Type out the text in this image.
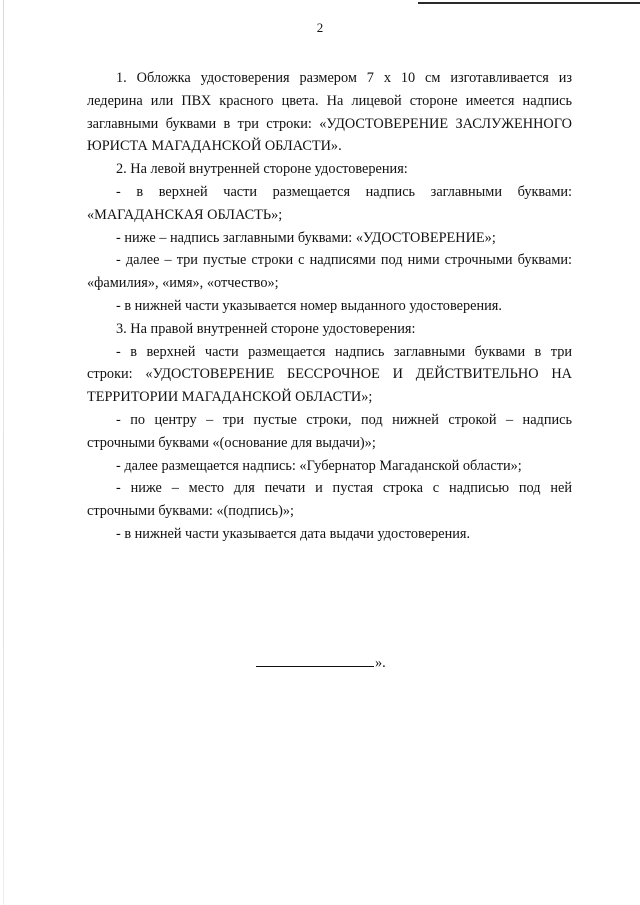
2
1. Обложка удостоверения размером 7 x 10 см изготавливается из
ледерина или ПВХ красного цвета. На лицевой стороне имеется надпись
заглавными буквами в три строки: «УДОСТОВЕРЕНИЕ ЗАСЛУЖЕННОГО
ЮРИСТА МАГАДАНСКОЙ ОБЛАСТИ».
2. На левой внутренней стороне удостоверения:
- в верхней части размещается надпись заглавными буквами:
«МАГАДАНСКАЯ ОБЛАСТЬ»;
- ниже – надпись заглавными буквами: «УДОСТОВЕРЕНИЕ»;
- далее – три пустые строки с надписями под ними строчными буквами:
«фамилия», «имя», «отчество»;
- в нижней части указывается номер выданного удостоверения.
3. На правой внутренней стороне удостоверения:
- в верхней части размещается надпись заглавными буквами в три
строки: «УДОСТОВЕРЕНИЕ БЕССРОЧНОЕ И ДЕЙСТВИТЕЛЬНО НА
ТЕРРИТОРИИ МАГАДАНСКОЙ ОБЛАСТИ»;
- по центру – три пустые строки, под нижней строкой – надпись
строчными буквами «(основание для выдачи)»;
- далее размещается надпись: «Губернатор Магаданской области»;
- ниже – место для печати и пустая строка с надписью под ней
строчными буквами: «(подпись)»;
- в нижней части указывается дата выдачи удостоверения.
».
